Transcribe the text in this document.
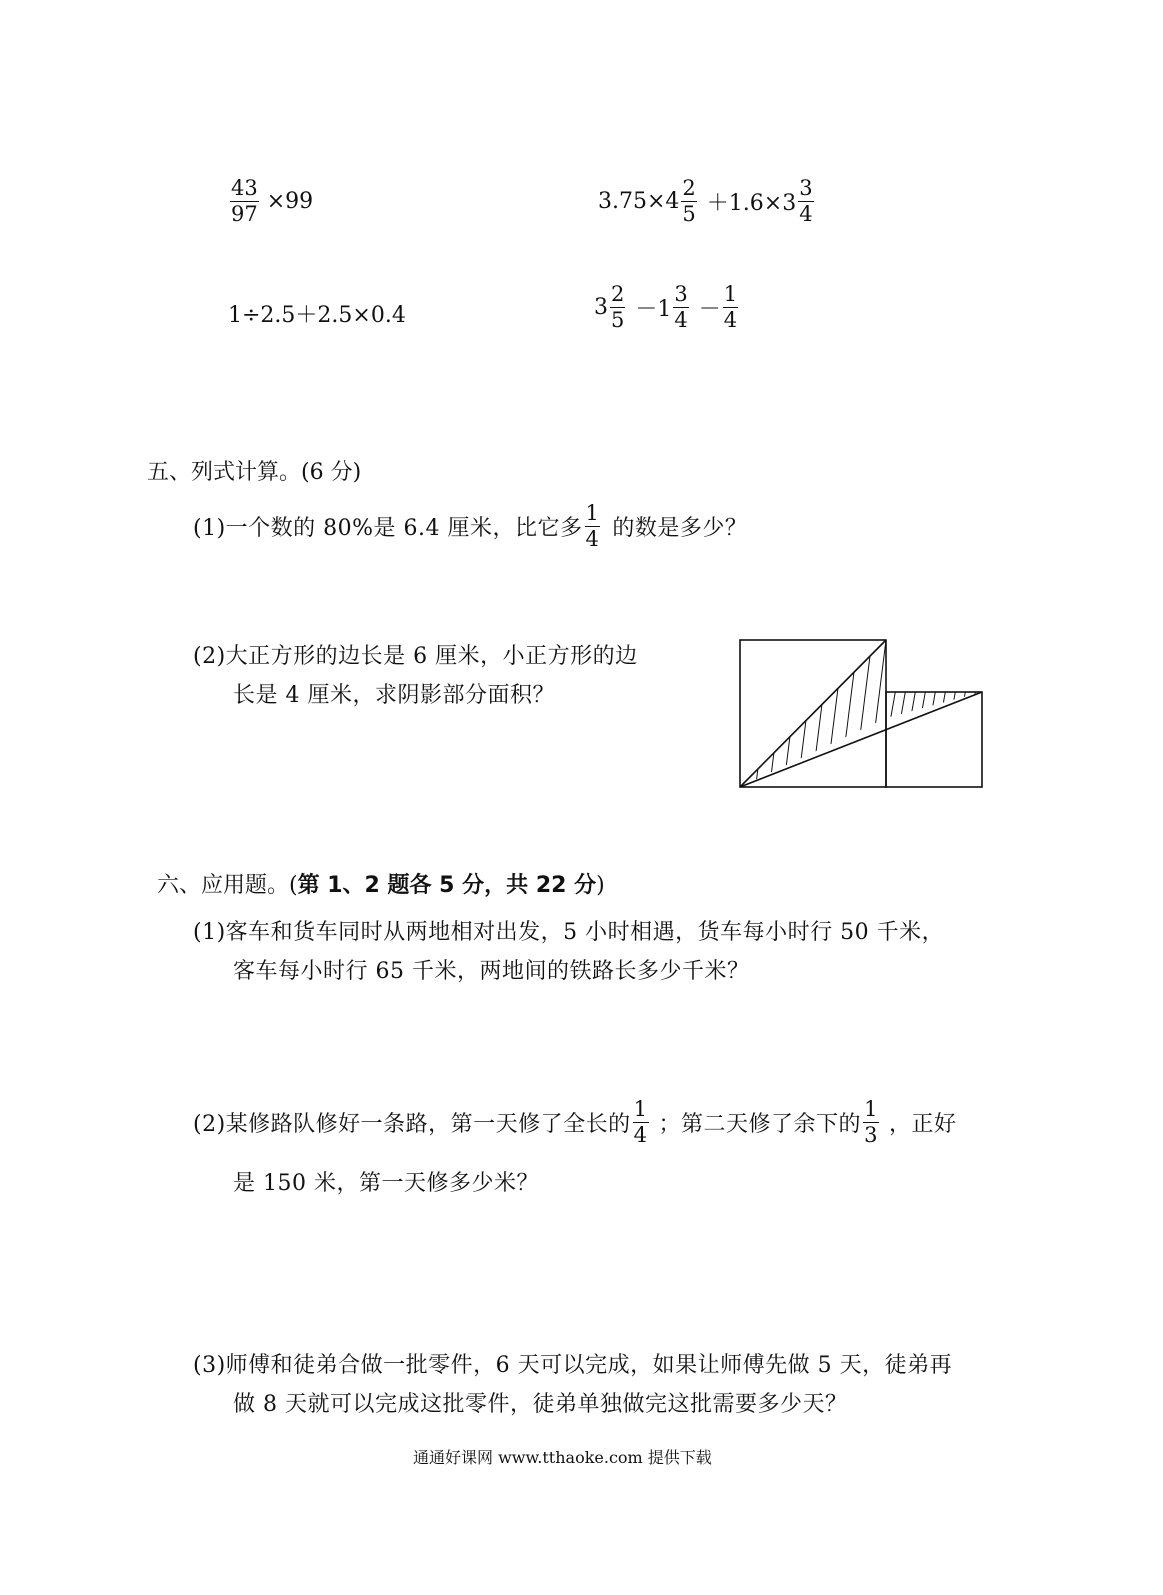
$\frac{43}{97} \times 99$	$3.75\times 4 \frac{2}{5} +1.6\times 3 \frac{3}{4}$
1÷2.5＋2.5×0.4	$3 \frac{2}{5} -1 \frac{3}{4} - \frac{1}{4}$
五、列式计算。(6 分)
(1)一个数的 80%是 6.4 厘米，比它多 $\frac{1}{4}$ 的数是多少？
(2)大正方形的边长是 6 厘米，小正方形的边
长是 4 厘米，求阴影部分面积？
六、应用题。(第 1、2 题各 5 分，共 22 分)
(1)客车和货车同时从两地相对出发，5 小时相遇，货车每小时行 50 千米，
客车每小时行 65 千米，两地间的铁路长多少千米？
(2)某修路队修好一条路，第一天修了全长的 $\frac{1}{4}$ ；第二天修了余下的 $\frac{1}{3}$ ，正好
是 150 米，第一天修多少米？
(3)师傅和徒弟合做一批零件，6 天可以完成，如果让师傅先做 5 天，徒弟再
做 8 天就可以完成这批零件，徒弟单独做完这批需要多少天？
通通好课网 www.tthaoke.com 提供下载
